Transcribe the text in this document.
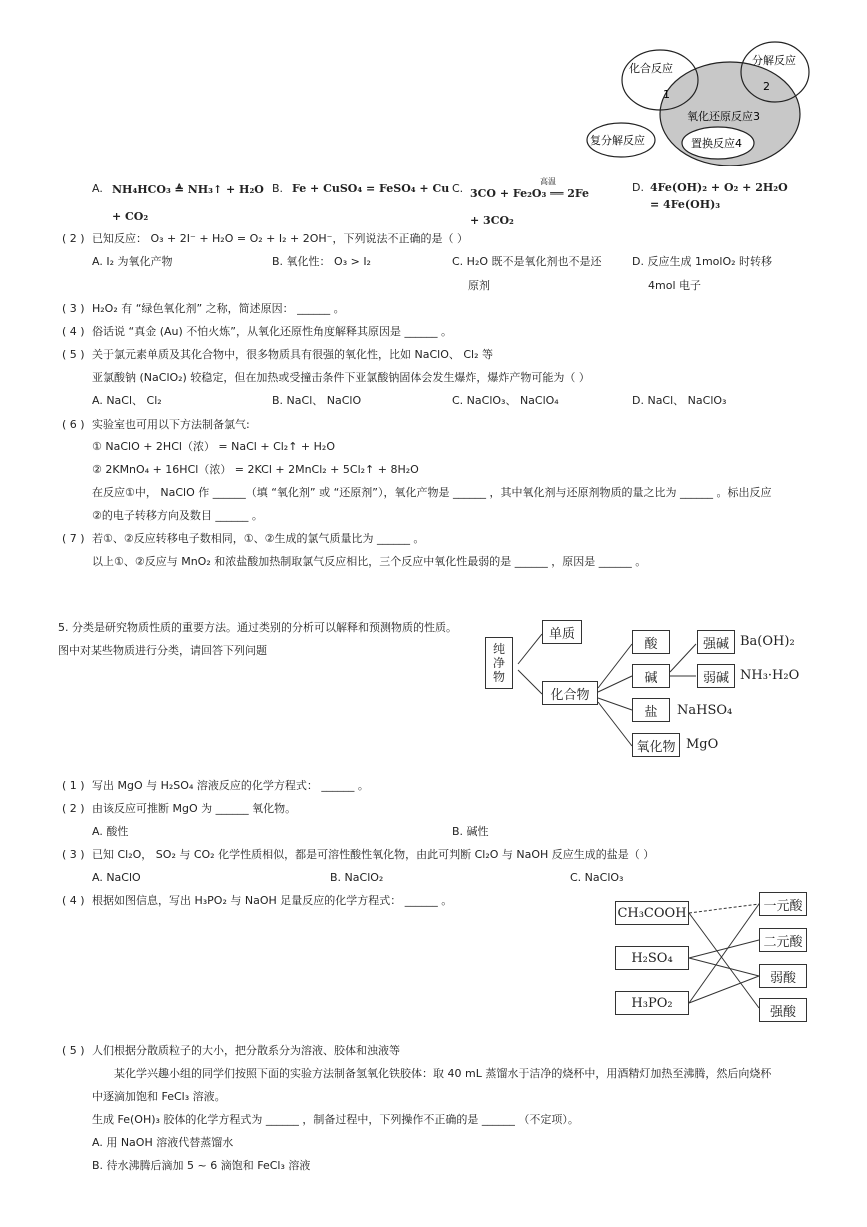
化合反应
分解反应
1
2
氧化还原反应3
复分解反应	置换反应4
A. NH₄HCO₃ ≜ NH₃↑ + H₂O
+ CO₂
B. Fe + CuSO₄ = FeSO₄ + Cu C.
高温
3CO + Fe₂O₃ ══ 2Fe
+ 3CO₂
D. 4Fe(OH)₂ + O₂ + 2H₂O
= 4Fe(OH)₃
( 2 ) 已知反应： O₃ + 2I⁻ + H₂O = O₂ + I₂ + 2OH⁻，下列说法不正确的是（ ）
A. I₂ 为氧化产物	B. 氧化性： O₃ > I₂	C. H₂O 既不是氧化剂也不是还
原剂
D. 反应生成 1molO₂ 时转移
4mol 电子
( 3 ) H₂O₂ 有 “绿色氧化剂” 之称，简述原因： ______ 。
( 4 ) 俗话说 “真金 (Au) 不怕火炼”，从氧化还原性角度解释其原因是 ______ 。
( 5 ) 关于氯元素单质及其化合物中，很多物质具有很强的氧化性，比如 NaClO、 Cl₂ 等
亚氯酸钠 (NaClO₂) 较稳定，但在加热或受撞击条件下亚氯酸钠固体会发生爆炸，爆炸产物可能为（ ）
A. NaCl、 Cl₂	B. NaCl、 NaClO	C. NaClO₃、 NaClO₄	D. NaCl、 NaClO₃
( 6 ) 实验室也可用以下方法制备氯气:
① NaClO + 2HCl（浓） = NaCl + Cl₂↑ + H₂O
② 2KMnO₄ + 16HCl（浓） = 2KCl + 2MnCl₂ + 5Cl₂↑ + 8H₂O
在反应①中， NaClO 作 ______（填 “氧化剂” 或 “还原剂”），氧化产物是 ______ ，其中氧化剂与还原剂物质的量之比为 ______ 。标出反应
②的电子转移方向及数目 ______ 。
( 7 ) 若①、②反应转移电子数相同，①、②生成的氯气质量比为 ______ 。
以上①、②反应与 MnO₂ 和浓盐酸加热制取氯气反应相比，三个反应中氧化性最弱的是 ______ ，原因是 ______ 。
5. 分类是研究物质性质的重要方法。通过类别的分析可以解释和预测物质的性质。
图中对某些物质进行分类，请回答下列问题	纯净物
单质
化合物
酸
碱
盐
氧化物
强碱
弱碱
Ba(OH)₂
NH₃·H₂O
NaHSO₄
MgO
( 1 ) 写出 MgO 与 H₂SO₄ 溶液反应的化学方程式： ______ 。
( 2 ) 由该反应可推断 MgO 为 ______ 氧化物。
A. 酸性	B. 碱性
( 3 ) 已知 Cl₂O， SO₂ 与 CO₂ 化学性质相似，都是可溶性酸性氧化物，由此可判断 Cl₂O 与 NaOH 反应生成的盐是（ ）
A. NaClO	B. NaClO₂	C. NaClO₃
( 4 ) 根据如图信息，写出 H₃PO₂ 与 NaOH 足量反应的化学方程式： ______ 。
CH₃COOH
H₂SO₄
H₃PO₂
一元酸
二元酸
弱酸
强酸
( 5 ) 人们根据分散质粒子的大小，把分散系分为溶液、胶体和浊液等
某化学兴趣小组的同学们按照下面的实验方法制备氢氧化铁胶体：取 40 mL 蒸馏水于洁净的烧杯中，用酒精灯加热至沸腾，然后向烧杯
中逐滴加饱和 FeCl₃ 溶液。
生成 Fe(OH)₃ 胶体的化学方程式为 ______ ，制备过程中，下列操作不正确的是 ______ （不定项）。
A. 用 NaOH 溶液代替蒸馏水
B. 待水沸腾后滴加 5 ~ 6 滴饱和 FeCl₃ 溶液
